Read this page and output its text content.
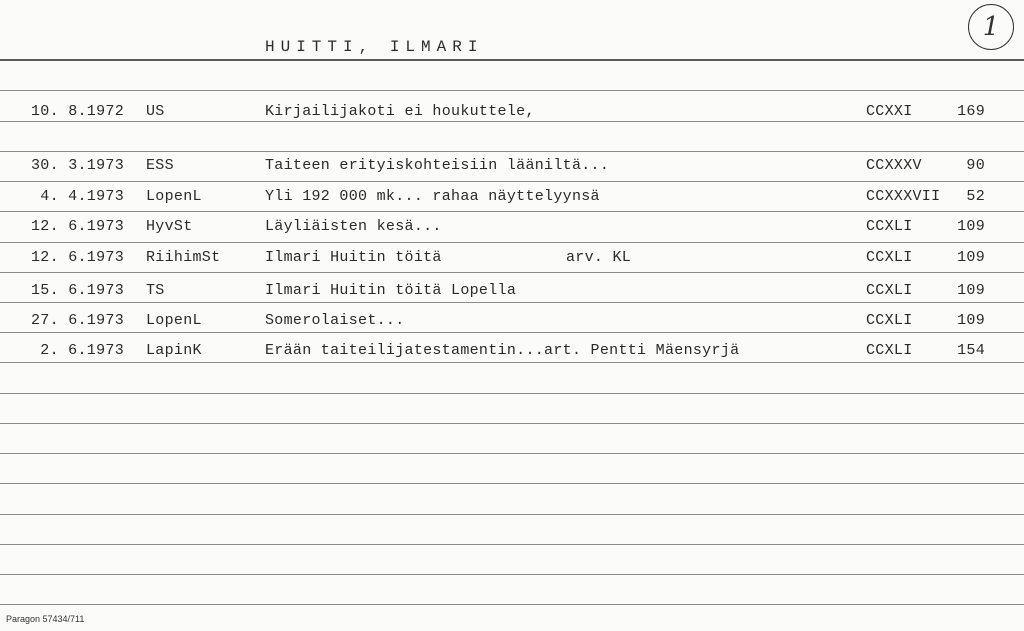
HUITTI, ILMARI
1
10. 8.1972 US	Kirjailijakoti ei houkuttele,	CCXXI	169
30. 3.1973 ESS	Taiteen erityiskohteisiin lääniltä...	CCXXXV	90
4. 4.1973 LopenL	Yli 192 000 mk... rahaa näyttelyynsä	CCXXXVII	52
12. 6.1973 HyvSt	Läyliäisten kesä...	CCXLI	109
12. 6.1973 RiihimSt	Ilmari Huitin töitä	arv. KL	CCXLI	109
15. 6.1973 TS	Ilmari Huitin töitä Lopella	CCXLI	109
27. 6.1973 LopenL	Somerolaiset...	CCXLI	109
2. 6.1973 LapinK	Erään taiteilijatestamentin...art. Pentti Mäensyrjä	CCXLI	154
Paragon 57434/711
